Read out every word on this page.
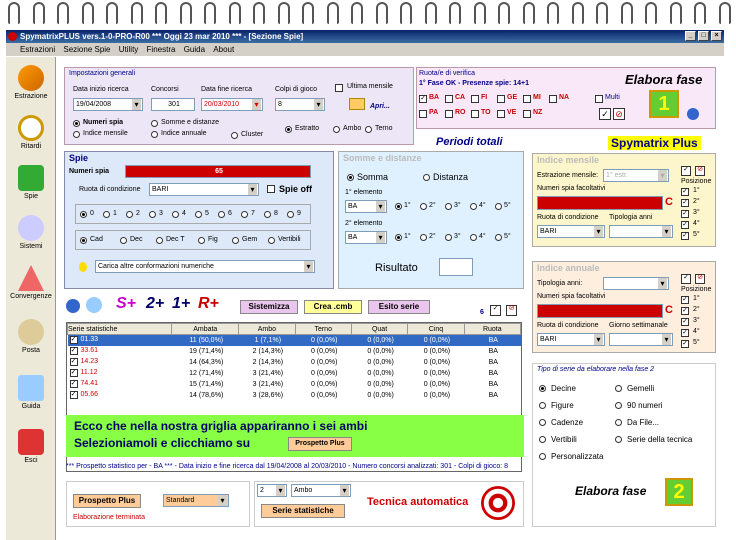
SpymatrixPLUS vers.1-0-PRO-R00 *** Oggi 23 mar 2010 *** - [Sezione Spie]	_	□	×
Estrazioni Sezione Spie Utility Finestra Guida About
Estrazione
Ritardi
Spie
Sistemi
Convergenze
Posta
Guida
Esci
Impostazioni generali
Data inizio ricerca
19/04/2008 ▾
Concorsi
301
Data fine ricerca
20/03/2010 ▾
Colpi di gioco
8 ▾
Ultima mensile
Apri...
Numeri spia	Somme e distanze
Indice mensile	Indice annuale	Cluster
Estratto	Ambo Terno
Ruota/e di verifica
1° Fase OK - Presenze spie: 14+1
✓ BA CA FI	GE MI	NA
PA RO TO VE NZ
Multi
✓ ⊘
Elabora fase
1
Periodi totali	Spymatrix Plus
Spie
Numeri spia	65
Ruota di condizione	BARI ▾	Spie off
0	1	2	3	4	5	6	7	8	9
Cad	Dec	Dec T	Fig	Gem	Vertibili
Carica altre conformazioni numeriche ▾
Somme e distanze
Somma	Distanza
1° elemento
BA ▾	1°	2°	3°	4°	5°
2° elemento
BA ▾	1°	2°	3°	4°	5°
Risultato
Indice mensile
Estrazione mensile:	1° estr. ▾
Numeri spia facoltativi
C
Ruota di condizione Tipologia anni
BARI ▾
▾
✓ ⊘
Posizione
✓ 1°
✓ 2°
✓ 3°
✓ 4°
✓ 5°
Indice annuale
Tipologia anni:
▾
Numeri spia facoltativi
C
Ruota di condizione Giorno settimanale
BARI ▾
▾
✓ ⊘
Posizione
✓ 1°
✓ 2°
✓ 3°
✓ 4°
✓ 5°
S+ 2+ 1+ R+	Sistemizza	Crea .cmb	Esito serie
6
✓	⊘
Serie statistiche	Ambata	Ambo	Terno	Quat	Cinq	Ruota
✓ 01.33	11 (50,0%)	1 (7,1%)	0 (0,0%)	0 (0,0%)	0 (0,0%)	BA
✓ 33.61	19 (71,4%)	2 (14,3%)	0 (0,0%)	0 (0,0%)	0 (0,0%)	BA
✓ 14.23	14 (64,3%)	2 (14,3%)	0 (0,0%)	0 (0,0%)	0 (0,0%)	BA
✓ 11.12	12 (71,4%)	3 (21,4%)	0 (0,0%)	0 (0,0%)	0 (0,0%)	BA
✓ 74.41	15 (71,4%)	3 (21,4%)	0 (0,0%)	0 (0,0%)	0 (0,0%)	BA
✓ 05.66	14 (78,6%)	3 (28,6%)	0 (0,0%)	0 (0,0%)	0 (0,0%)	BA
Ecco che nella nostra griglia appariranno i sei ambi
Selezioniamoli e clicchiamo su	Prospetto Plus
*** Prospetto statistico per - BA *** - Data inizio e fine ricerca dal 19/04/2008 al 20/03/2010 - Numero concorsi analizzati: 301 - Colpi di gioco: 8
Prospetto Plus	Standard ▾
Elaborazione terminata
2 ▾	Ambo ▾
Serie statistiche
Tecnica automatica
Tipo di serie da elaborare nella fase 2
Decine	Gemelli
Figure	90 numeri
Cadenze	Da File...
Vertibili	Serie della tecnica
Personalizzata
Elabora fase	2
